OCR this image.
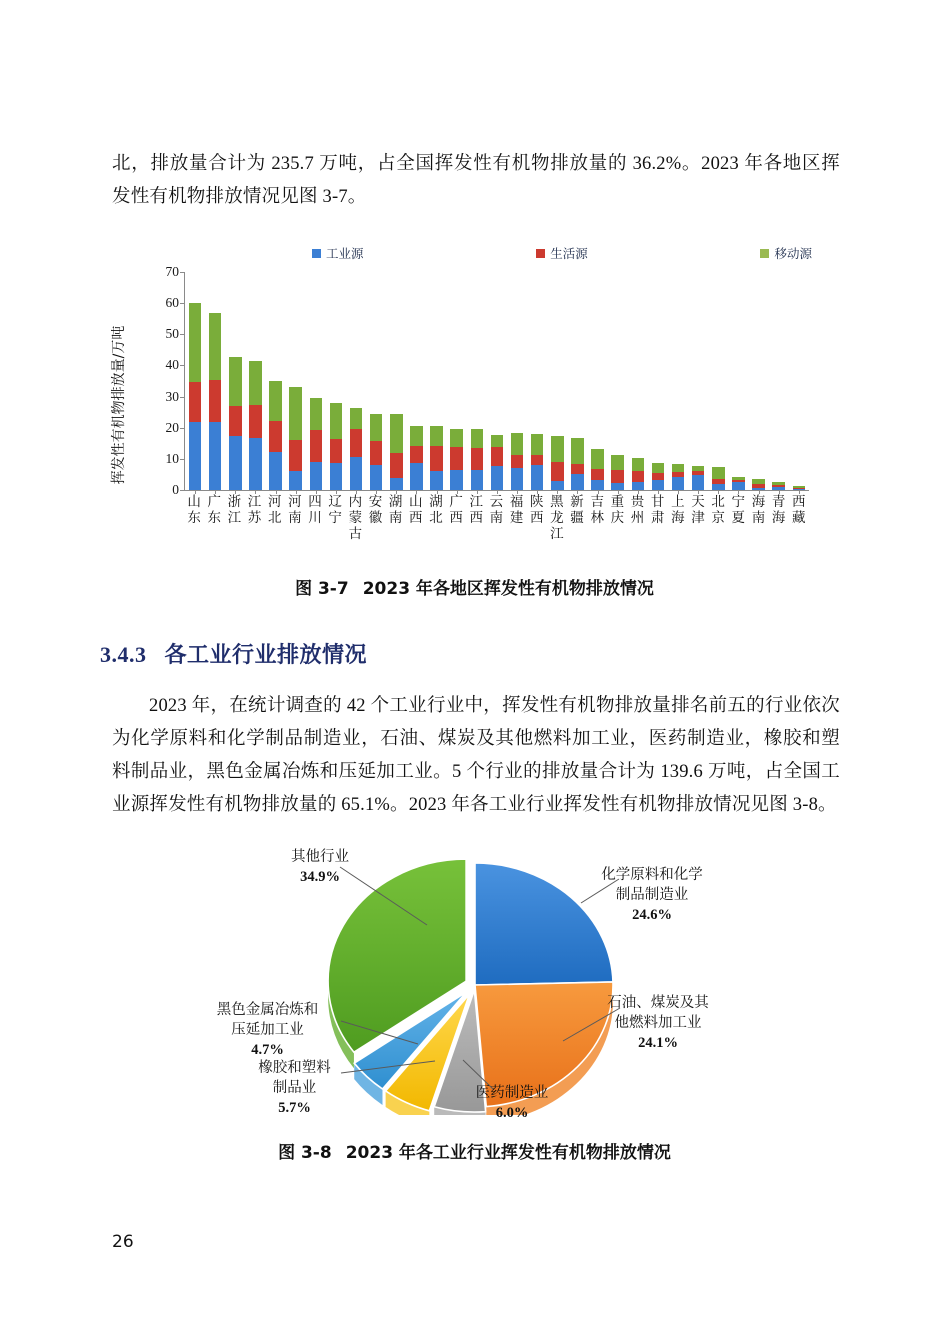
北，排放量合计为 235.7 万吨，占全国挥发性有机物排放量的 36.2%。2023 年各地区挥发性有机物排放情况见图 3-7。
工业源	生活源	移动源
挥发性有机物排放量/万吨
0
10
20
30
40
50
60
70
山
东
广
东
浙
江
江
苏
河
北
河
南
四
川
辽
宁
内
蒙
古
安
徽
湖
南
山
西
湖
北
广
西
江
西
云
南
福
建
陕
西
黑
龙
江
新
疆
吉
林
重
庆
贵
州
甘
肃
上
海
天
津
北
京
宁
夏
海
南
青
海
西
藏
图 3-7 2023 年各地区挥发性有机物排放情况
3.4.3 各工业行业排放情况
2023 年，在统计调查的 42 个工业行业中，挥发性有机物排放量排名前五的行业依次为化学原料和化学制品制造业，石油、煤炭及其他燃料加工业，医药制造业，橡胶和塑料制品业，黑色金属冶炼和压延加工业。5 个行业的排放量合计为 139.6 万吨，占全国工业源挥发性有机物排放量的 65.1%。2023 年各工业行业挥发性有机物排放情况见图 3-8。
其他行业
34.9%
黑色金属冶炼和
压延加工业
4.7%
橡胶和塑料
制品业
5.7%
医药制造业
6.0%
化学原料和化学
制品制造业
24.6%
石油、煤炭及其
他燃料加工业
24.1%
图 3-8 2023 年各工业行业挥发性有机物排放情况
26
